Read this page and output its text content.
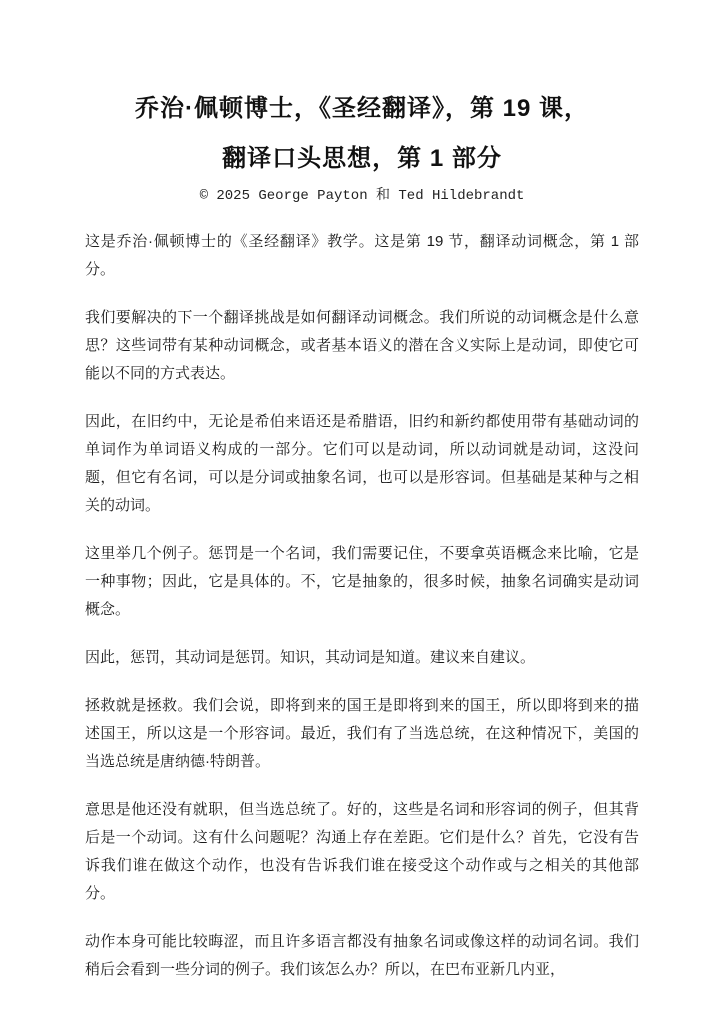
乔治·佩顿博士，《圣经翻译》，第 19 课，
翻译口头思想，第 1 部分

© 2025 George Payton 和 Ted Hildebrandt

这是乔治·佩顿博士的《圣经翻译》教学。这是第 19 节，翻译动词概念，第 1 部分。

我们要解决的下一个翻译挑战是如何翻译动词概念。我们所说的动词概念是什么意思？这些词带有某种动词概念，或者基本语义的潜在含义实际上是动词，即使它可能以不同的方式表达。

因此，在旧约中，无论是希伯来语还是希腊语，旧约和新约都使用带有基础动词的单词作为单词语义构成的一部分。它们可以是动词，所以动词就是动词，这没问题，但它有名词，可以是分词或抽象名词，也可以是形容词。但基础是某种与之相关的动词。

这里举几个例子。惩罚是一个名词，我们需要记住，不要拿英语概念来比喻，它是一种事物；因此，它是具体的。不，它是抽象的，很多时候，抽象名词确实是动词概念。

因此，惩罚，其动词是惩罚。知识，其动词是知道。建议来自建议。

拯救就是拯救。我们会说，即将到来的国王是即将到来的国王，所以即将到来的描述国王，所以这是一个形容词。最近，我们有了当选总统，在这种情况下，美国的当选总统是唐纳德·特朗普。

意思是他还没有就职，但当选总统了。好的，这些是名词和形容词的例子，但其背后是一个动词。这有什么问题呢？沟通上存在差距。它们是什么？首先，它没有告诉我们谁在做这个动作，也没有告诉我们谁在接受这个动作或与之相关的其他部分。

动作本身可能比较晦涩，而且许多语言都没有抽象名词或像这样的动词名词。我们稍后会看到一些分词的例子。我们该怎么办？所以，在巴布亚新几内亚，
